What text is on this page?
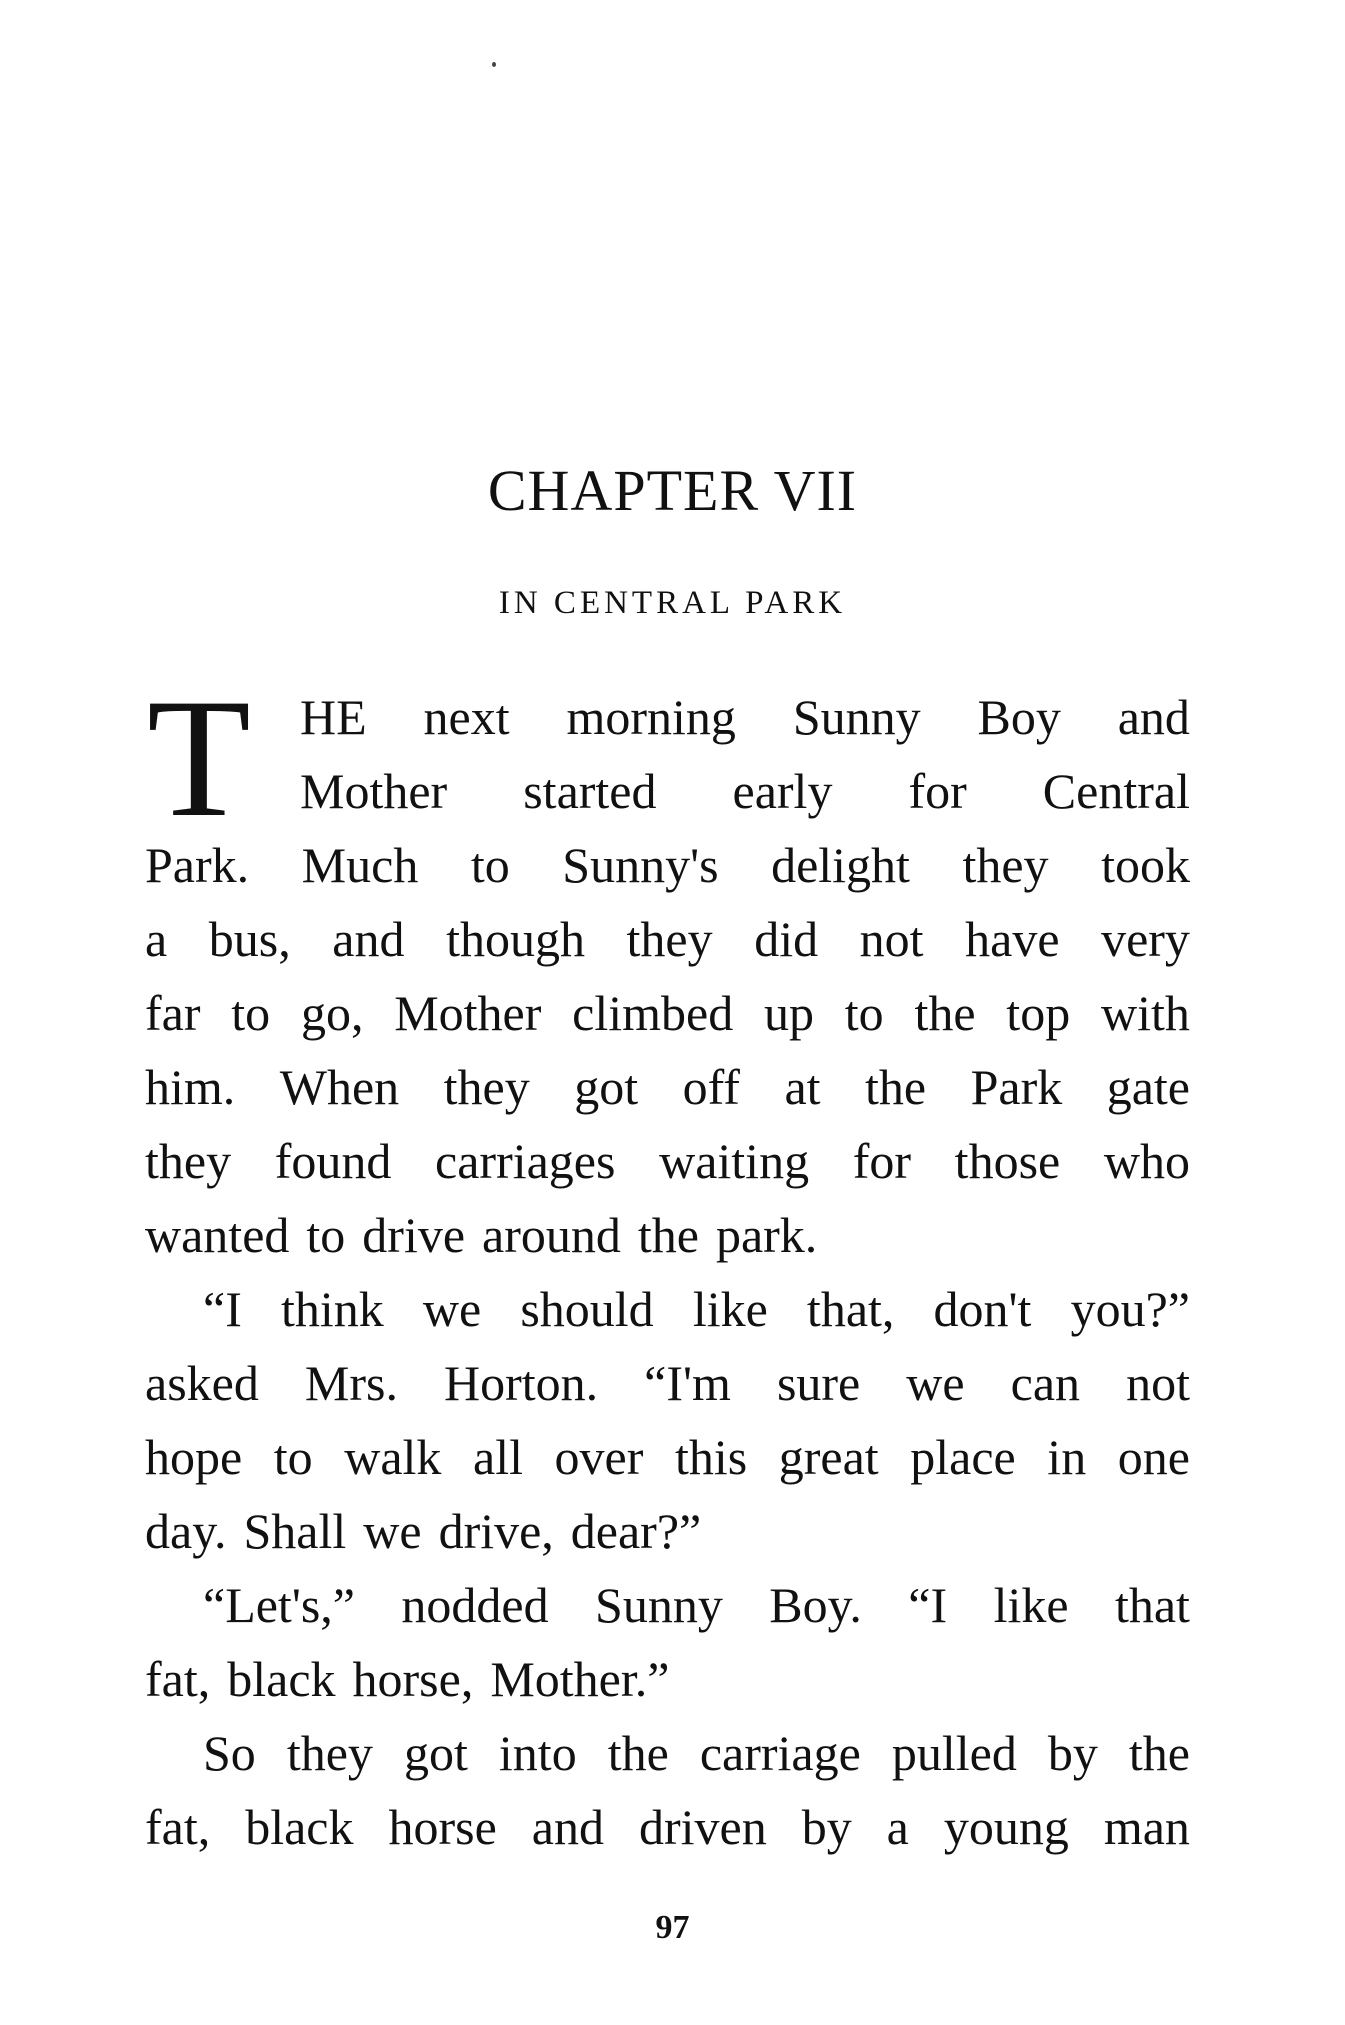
CHAPTER VII
IN CENTRAL PARK
T HE next morning Sunny Boy and
Mother started early for Central
Park. Much to Sunny's delight they took
a bus, and though they did not have very
far to go, Mother climbed up to the top with
him. When they got off at the Park gate
they found carriages waiting for those who
wanted to drive around the park.
“I think we should like that, don't you?”
asked Mrs. Horton. “I'm sure we can not
hope to walk all over this great place in one
day. Shall we drive, dear?”
“Let's,” nodded Sunny Boy. “I like that
fat, black horse, Mother.”
So they got into the carriage pulled by the
fat, black horse and driven by a young man

97
